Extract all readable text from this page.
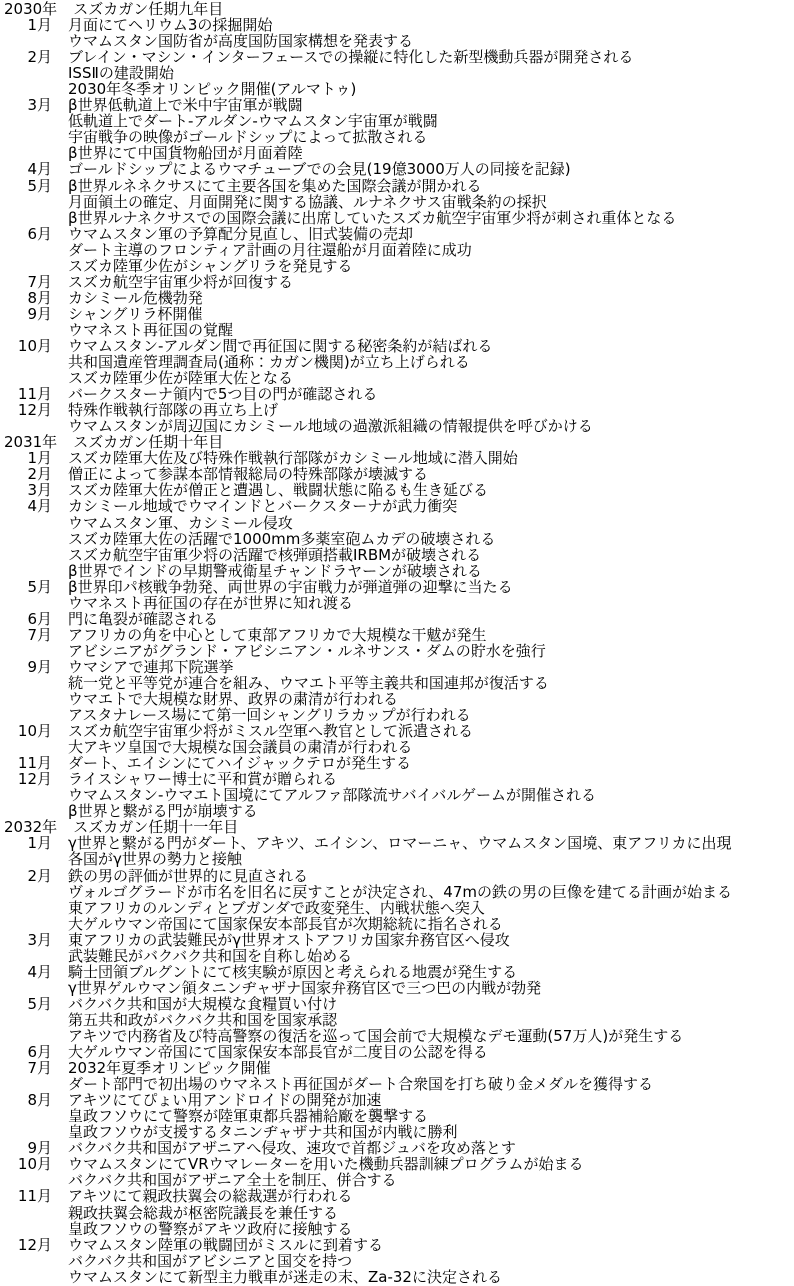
2030年 スズカガン任期九年目
1月 月面にてヘリウム3の採掘開始
ウマムスタン国防省が高度国防国家構想を発表する
2月 ブレイン・マシン・インターフェースでの操縦に特化した新型機動兵器が開発される
ISSⅡの建設開始
2030年冬季オリンピック開催(アルマトゥ)
3月 β世界低軌道上で米中宇宙軍が戦闘
低軌道上でダート-アルダン-ウマムスタン宇宙軍が戦闘
宇宙戦争の映像がゴールドシップによって拡散される
β世界にて中国貨物船団が月面着陸
4月 ゴールドシップによるウマチューブでの会見(19億3000万人の同接を記録)
5月 β世界ルネネクサスにて主要各国を集めた国際会議が開かれる
月面領土の確定、月面開発に関する協議、ルナネクサス宙戦条約の採択
β世界ルナネクサスでの国際会議に出席していたスズカ航空宇宙軍少将が刺され重体となる
6月 ウマムスタン軍の予算配分見直し、旧式装備の売却
ダート主導のフロンティア計画の月往還船が月面着陸に成功
スズカ陸軍少佐がシャングリラを発見する
7月 スズカ航空宇宙軍少将が回復する
8月 カシミール危機勃発
9月 シャングリラ杯開催
ウマネスト再征国の覚醒
10月 ウマムスタン-アルダン間で再征国に関する秘密条約が結ばれる
共和国遺産管理調査局(通称：カガン機関)が立ち上げられる
スズカ陸軍少佐が陸軍大佐となる
11月 バークスターナ領内で5つ目の門が確認される
12月 特殊作戦執行部隊の再立ち上げ
ウマムスタンが周辺国にカシミール地域の過激派組織の情報提供を呼びかける
2031年 スズカガン任期十年目
1月 スズカ陸軍大佐及び特殊作戦執行部隊がカシミール地域に潜入開始
2月 僧正によって参謀本部情報総局の特殊部隊が壊滅する
3月 スズカ陸軍大佐が僧正と遭遇し、戦闘状態に陥るも生き延びる
4月 カシミール地域でウマインドとバークスターナが武力衝突
ウマムスタン軍、カシミール侵攻
スズカ陸軍大佐の活躍で1000mm多薬室砲ムカデの破壊される
スズカ航空宇宙軍少将の活躍で核弾頭搭載IRBMが破壊される
β世界でインドの早期警戒衛星チャンドラヤーンが破壊される
5月 β世界印パ核戦争勃発、両世界の宇宙戦力が弾道弾の迎撃に当たる
ウマネスト再征国の存在が世界に知れ渡る
6月 門に亀裂が確認される
7月 アフリカの角を中心として東部アフリカで大規模な干魃が発生
アビシニアがグランド・アビシニアン・ルネサンス・ダムの貯水を強行
9月 ウマシアで連邦下院選挙
統一党と平等党が連合を組み、ウマエト平等主義共和国連邦が復活する
ウマエトで大規模な財界、政界の粛清が行われる
アスタナレース場にて第一回シャングリラカップが行われる
10月 スズカ航空宇宙軍少将がミスル空軍へ教官として派遣される
大アキツ皇国で大規模な国会議員の粛清が行われる
11月 ダート、エイシンにてハイジャックテロが発生する
12月 ライスシャワー博士に平和賞が贈られる
ウマムスタン-ウマエト国境にてアルファ部隊流サバイバルゲームが開催される
β世界と繋がる門が崩壊する
2032年 スズカガン任期十一年目
1月 γ世界と繋がる門がダート、アキツ、エイシン、ロマーニャ、ウマムスタン国境、東アフリカに出現
各国がγ世界の勢力と接触
2月 鉄の男の評価が世界的に見直される
ヴォルゴグラードが市名を旧名に戻すことが決定され、47mの鉄の男の巨像を建てる計画が始まる
東アフリカのルンディとブガンダで政変発生、内戦状態へ突入
大ゲルウマン帝国にて国家保安本部長官が次期総統に指名される
3月 東アフリカの武装難民がγ世界オストアフリカ国家弁務官区へ侵攻
武装難民がバクバク共和国を自称し始める
4月 騎士団領ブルグントにて核実験が原因と考えられる地震が発生する
γ世界ゲルウマン領タニンヂャザナ国家弁務官区で三つ巴の内戦が勃発
5月 バクバク共和国が大規模な食糧買い付け
第五共和政がバクバク共和国を国家承認
アキツで内務省及び特高警察の復活を巡って国会前で大規模なデモ運動(57万人)が発生する
6月 大ゲルウマン帝国にて国家保安本部長官が二度目の公認を得る
7月 2032年夏季オリンピック開催
ダート部門で初出場のウマネスト再征国がダート合衆国を打ち破り金メダルを獲得する
8月 アキツにてぴょい用アンドロイドの開発が加速
皇政フソウにて警察が陸軍東都兵器補給廠を襲撃する
皇政フソウが支援するタニンヂャザナ共和国が内戦に勝利
9月 バクバク共和国がアザニアへ侵攻、速攻で首都ジュバを攻め落とす
10月 ウマムスタンにてVRウマレーターを用いた機動兵器訓練プログラムが始まる
バクバク共和国がアザニア全土を制圧、併合する
11月 アキツにて親政扶翼会の総裁選が行われる
親政扶翼会総裁が枢密院議長を兼任する
皇政フソウの警察がアキツ政府に接触する
12月 ウマムスタン陸軍の戦闘団がミスルに到着する
バクバク共和国がアビシニアと国交を持つ
ウマムスタンにて新型主力戦車が迷走の末、Za-32に決定される
